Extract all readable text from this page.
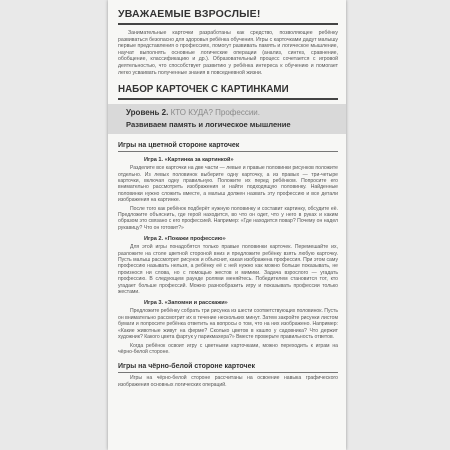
УВАЖАЕМЫЕ ВЗРОСЛЫЕ!
Занимательные карточки разработаны как средство, позволяющее ребёнку развиваться безопасно для здоровья ребёнка обучения. Игры с карточками дадут малышу первые представления о профессиях, помогут развивать память и логическое мышление, научат выполнять основные логические операции (анализ, синтез, сравнение, обобщение, классификацию и др.). Образовательный процесс сочетается с игровой деятельностью, что способствует развитию у ребёнка интереса к обучению и помогает легко усваивать полученные знания в повседневной жизни.
НАБОР КАРТОЧЕК С КАРТИНКАМИ
Уровень 2. КТО КУДА? Профессии.
Развиваем память и логическое мышление
Игры на цветной стороне карточек
Игра 1. «Картинка за картинкой»
Разделите все карточки на две части — левые и правые половинки рисунков положите отдельно. Из левых половинок выберите одну карточку, а из правых — три-четыре карточки, включая одну правильную. Положите их перед ребёнком. Попросите его внимательно рассмотреть изображения и найти подходящую половинку. Найденные половинки нужно сложить вместе, а малыш должен назвать эту профессию и все детали изображения на картинке.
После того как ребёнок подберёт нужную половинку и составит картинку, обсудите её. Предложите объяснить, где герой находится, во что он одет, что у него в руках и каким образом это связано с его профессией. Например: «Где находится повар? Почему он надел рукавицу? Что он готовит?»
Игра 2. «Покажи профессию»
Для этой игры понадобятся только правые половинки карточек. Перемешайте их, разложите на столе цветной стороной вниз и предложите ребёнку взять любую карточку. Пусть малыш рассмотрит рисунок и объяснит, какая изображена профессия. При этом саму профессию называть нельзя, а ребёнку её с ней нужно как можно больше показывать, не произнося ни слова, но с помощью жестов и мимики. Задача взрослого — угадать профессию. В следующем раунде ролями меняйтесь. Победителем становится тот, кто угадает больше профессий. Можно разнообразить игру и показывать профессии только жестами.
Игра 3. «Запомни и расскажи»
Предложите ребёнку собрать три рисунка из шести соответствующих половинок. Пусть он внимательно рассмотрит их в течение нескольких минут. Затем закройте рисунки листом бумаги и попросите ребёнка ответить на вопросы о том, что на них изображено. Например: «Какие животные живут на ферме? Сколько цветов в кашпо у садовника? Что держит художник? Какого цвета фартук у парикмахера?» Вместе проверьте правильность ответов.
Когда ребёнок освоит игру с цветными карточками, можно переходить к играм на чёрно-белой стороне.
Игры на чёрно-белой стороне карточек
Игры на чёрно-белой стороне рассчитаны на освоение навыка графического изображения основных логических операций.
